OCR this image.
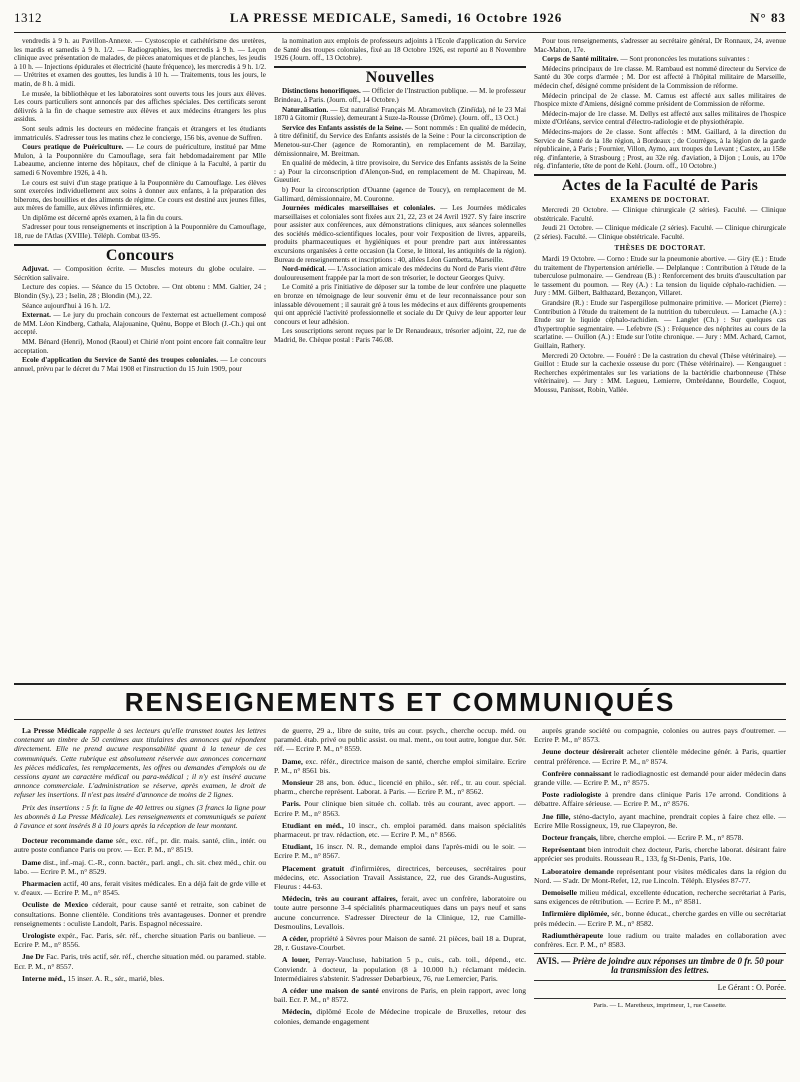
1312	LA PRESSE MEDICALE, Samedi, 16 Octobre 1926	N° 83

vendredis à 9 h. au Pavillon-Annexe. — Cystoscopie et cathétérisme des uretères, les mardis et samedis à 9 h. 1/2. — Radiographies, les mercredis à 9 h. — Leçon clinique avec présentation de malades, de pièces anatomiques et de planches, les jeudis à 10 h. — Injections épidurales et électricité (haute fréquence), les mercredis à 9 h. 1/2. — Urétrites et examen des gouttes, les lundis à 10 h. — Traitements, tous les jours, le matin, de 8 h. à midi.

Le musée, la bibliothèque et les laboratoires sont ouverts tous les jours aux élèves. Les cours particuliers sont annoncés par des affiches spéciales. Des certificats seront délivrés à la fin de chaque semestre aux élèves et aux médecins étrangers les plus assidus.

Sont seuls admis les docteurs en médecine français et étrangers et les étudiants immatriculés. S'adresser tous les matins chez le concierge, 156 bis, avenue de Suffren.

Cours pratique de Puériculture. — Le cours de puériculture, institué par Mme Mulon, à la Pouponnière du Camouflage, sera fait hebdomadairement par Mlle Labeaume, ancienne interne des hôpitaux, chef de clinique à la Faculté, à partir du samedi 6 Novembre 1926, à 4 h.

Le cours est suivi d'un stage pratique à la Pouponnière du Camouflage. Les élèves sont exercées individuellement aux soins à donner aux enfants, à la préparation des biberons, des bouillies et des aliments de régime. Ce cours est destiné aux jeunes filles, aux mères de famille, aux élèves infirmières, etc.

Un diplôme est décerné après examen, à la fin du cours.

S'adresser pour tous renseignements et inscription à la Pouponnière du Camouflage, 18, rue de l'Atlas (XVIIIe). Téléph. Combat 03-95.

Concours

Adjuvat. — Composition écrite. — Muscles moteurs du globe oculaire. — Sécrétion salivaire.

Lecture des copies. — Séance du 15 Octobre. — Ont obtenu : MM. Galtier, 24 ; Blondin (Sy.), 23 ; Iselin, 28 ; Blondin (M.), 22.

Séance aujourd'hui à 16 h. 1/2.

Externat. — Le jury du prochain concours de l'externat est actuellement composé de MM. Léon Kindberg, Cathala, Alajouanine, Quénu, Boppe et Bloch (J.-Ch.) qui ont accepté.

MM. Bénard (Henri), Monod (Raoul) et Chirié n'ont point encore fait connaître leur acceptation.

Ecole d'application du Service de Santé des troupes coloniales. — Le concours annuel, prévu par le décret du 7 Mai 1908 et l'instruction du 15 Juin 1909, pour

la nomination aux emplois de professeurs adjoints à l'Ecole d'application du Service de Santé des troupes coloniales, fixé au 18 Octobre 1926, est reporté au 8 Novembre 1926 (Journ. off., 13 Octobre).

Nouvelles

Distinctions honorifiques. — Officier de l'Instruction publique. — M. le professeur Brindeau, à Paris. (Journ. off., 14 Octobre.)

Naturalisation. — Est naturalisé Français M. Abramovitch (Zinéïda), né le 23 Mai 1870 à Gitomir (Russie), demeurant à Suze-la-Rousse (Drôme). (Journ. off., 13 Oct.)

Service des Enfants assistés de la Seine. — Sont nommés : En qualité de médecin, à titre définitif, du Service des Enfants assistés de la Seine : Pour la circonscription de Menetou-sur-Cher (agence de Romorantin), en remplacement de M. Barzilay, démissionnaire, M. Breitman.

En qualité de médecin, à titre provisoire, du Service des Enfants assistés de la Seine : a) Pour la circonscription d'Alençon-Sud, en remplacement de M. Chapireau, M. Gueutier.

b) Pour la circonscription d'Ouanne (agence de Toucy), en remplacement de M. Gallimard, démissionnaire, M. Couronne.

Journées médicales marseillaises et coloniales. — Les Journées médicales marseillaises et coloniales sont fixées aux 21, 22, 23 et 24 Avril 1927. S'y faire inscrire pour assister aux conférences, aux démonstrations cliniques, aux séances solennelles des sociétés médico-scientifiques locales, pour voir l'exposition de livres, appareils, produits pharmaceutiques et hygiéniques et pour prendre part aux intéressantes excursions organisées à cette occasion (la Corse, le littoral, les antiquités de la région). Bureau de renseignements et inscriptions : 40, allées Léon Gambetta, Marseille.

Nord-médical. — L'Association amicale des médecins du Nord de Paris vient d'être douloureusement frappée par la mort de son trésorier, le docteur Georges Quivy.

Le Comité a pris l'initiative de déposer sur la tombe de leur confrère une plaquette en bronze en témoignage de leur souvenir ému et de leur reconnaissance pour son inlassable dévouement ; il saurait gré à tous les médecins et aux différents groupements qui ont apprécié l'activité professionnelle et sociale du Dr Quivy de leur apporter leur concours et leur adhésion.

Les souscriptions seront reçues par le Dr Renaudeaux, trésorier adjoint, 22, rue de Madrid, 8e. Chèque postal : Paris 746.08.

Pour tous renseignements, s'adresser au secrétaire général, Dr Ronnaux, 24, avenue Mac-Mahon, 17e.

Corps de Santé militaire. — Sont prononcées les mutations suivantes :

Médecins principaux de 1re classe. M. Rambaud est nommé directeur du Service de Santé du 30e corps d'armée ; M. Dor est affecté à l'hôpital militaire de Marseille, médecin chef, désigné comme président de la Commission de réforme.

Médecin principal de 2e classe. M. Camus est affecté aux salles militaires de l'hospice mixte d'Amiens, désigné comme président de Commission de réforme.

Médecin-major de 1re classe. M. Dellys est affecté aux salles militaires de l'hospice mixte d'Orléans, service central d'électro-radiologie et de physiothérapie.

Médecins-majors de 2e classe. Sont affectés : MM. Gaillard, à la direction du Service de Santé de la 18e région, à Bordeaux ; de Courrèges, à la légion de la garde républicaine, à Paris ; Fournier, Villon, Aymo, aux troupes du Levant ; Castex, au 158e rég. d'infanterie, à Strasbourg ; Prost, au 32e rég. d'aviation, à Dijon ; Louis, au 170e rég. d'infanterie, tête de pont de Kehl. (Journ. off., 10 Octobre.)

Actes de la Faculté de Paris
EXAMENS DE DOCTORAT.

Mercredi 20 Octobre. — Clinique chirurgicale (2 séries). Faculté. — Clinique obstétricale. Faculté.

Jeudi 21 Octobre. — Clinique médicale (2 séries). Faculté. — Clinique chirurgicale (2 séries). Faculté. — Clinique obstétricale. Faculté.

THÈSES DE DOCTORAT.

Mardi 19 Octobre. — Corno : Etude sur la pneumonie abortive. — Giry (E.) : Etude du traitement de l'hypertension artérielle. — Delplanque : Contribution à l'étude de la tuberculose pulmonaire. — Gendreau (B.) : Renforcement des bruits d'auscultation par le tassement du poumon. — Rey (A.) : La tension du liquide céphalo-rachidien. — Jury : MM. Gilbert, Balthazard, Bezançon, Villaret.

Grandsire (R.) : Etude sur l'aspergillose pulmonaire primitive. — Moricet (Pierre) : Contribution à l'étude du traitement de la nutrition du tuberculeux. — Lamache (A.) : Etude sur le liquide céphalo-rachidien. — Langlet (Ch.) : Sur quelques cas d'hypertrophie segmentaire. — Lefebvre (S.) : Fréquence des néphrites au cours de la scarlatine. — Ouillon (A.) : Etude sur l'otite chronique. — Jury : MM. Achard, Carnot, Guillain, Rathery.

Mercredi 20 Octobre. — Fouéré : De la castration du cheval (Thèse vétérinaire). — Guillot : Etude sur la cachexie osseuse du porc (Thèse vétérinaire). — Kengauguet : Recherches expérimentales sur les variations de la bactéridie charbonneuse (Thèse vétérinaire). — Jury : MM. Legueu, Lemierre, Ombrédanne, Bourdelle, Coquot, Moussu, Panisset, Robin, Vallée.

RENSEIGNEMENTS ET COMMUNIQUÉS

La Presse Médicale rappelle à ses lecteurs qu'elle transmet toutes les lettres contenant un timbre de 50 centimes aux titulaires des annonces qui répondent directement. Elle ne prend aucune responsabilité quant à la teneur de ces communiqués. Cette rubrique est absolument réservée aux annonces concernant les pièces médicales, les remplacements, les offres ou demandes d'emplois ou de cessions ayant un caractère médical ou para-médical ; il n'y est inséré aucune annonce commerciale. L'administration se réserve, après examen, le droit de refuser les insertions. Il n'est pas inséré d'annonce de moins de 2 lignes.

Prix des insertions : 5 fr. la ligne de 40 lettres ou signes (3 francs la ligne pour les abonnés à La Presse Médicale). Les renseignements et communiqués se paient à l'avance et sont insérés 8 à 10 jours après la réception de leur montant.

Docteur recommande dame sér., exc. réf., pr. dir. mais. santé, clin., intér. ou autre poste confiance Paris ou prov. — Ecr. P. M., n° 8519.

Dame dist., inf.-maj. C.-R., conn. bactér., parl. angl., ch. sit. chez méd., chir. ou labo. — Ecrire P. M., n° 8529.

Pharmacien actif, 40 ans, ferait visites médicales. En a déjà fait de grde ville et v. d'eaux. — Ecrire P. M., n° 8545.

Oculiste de Mexico céderait, pour cause santé et retraite, son cabinet de consultations. Bonne clientèle. Conditions très avantageuses. Donner et prendre renseignements : oculiste Landolt, Paris. Espagnol nécessaire.

Urologiste expér., Fac. Paris, sér. réf., cherche situation Paris ou banlieue. — Ecrire P. M., n° 8556.

Jne Dr Fac. Paris, très actif, sér. réf., cherche situation méd. ou paramed. stable. Ecr. P. M., n° 8557.

Interne méd., 15 inser. A. R., sér., marié, bles.

de guerre, 29 a., libre de suite, très au cour. psych., cherche occup. méd. ou paraméd. étab. privé ou public assist. ou mal. ment., ou tout autre, longue dur. Sér. réf. — Ecrire P. M., n° 8559.

Dame, exc. référ., directrice maison de santé, cherche emploi similaire. Ecrire P. M., n° 8561 bis.

Monsieur 28 ans, bon. éduc., licencié en philo., sér. réf., tr. au cour. spécial. pharm., cherche représent. Laborat. à Paris. — Ecrire P. M., n° 8562.

Paris. Pour clinique bien située ch. collab. très au courant, avec apport. — Ecrire P. M., n° 8563.

Etudiant en méd., 10 inscr., ch. emploi paraméd. dans maison spécialités pharmaceut. pr trav. rédaction, etc. — Ecrire P. M., n° 8566.

Etudiant, 16 inscr. N. R., demande emploi dans l'après-midi ou le soir. — Ecrire P. M., n° 8567.

Placement gratuit d'infirmières, directrices, berceuses, secrétaires pour médecins, etc. Association Travail Assistance, 22, rue des Grands-Augustins, Fleurus : 44-63.

Médecin, très au courant affaires, ferait, avec un confrère, laboratoire ou toute autre personne 3-4 spécialités pharmaceutiques dans un pays neuf et sans aucune concurrence. S'adresser Directeur de la Clinique, 12, rue Camille-Desmoulins, Levallois.

A céder, propriété à Sèvres pour Maison de santé. 21 pièces, bail 18 a. Duprat, 28, r. Gustave-Courbet.

A louer, Perray-Vaucluse, habitation 5 p., cuis., cab. toil., dépend., etc. Conviendr. à docteur, la population (8 à 10.000 h.) réclamant médecin. Intermédiaires s'abstenir. S'adresser Debarbieux, 76, rue Lemercier, Paris.

A céder une maison de santé environs de Paris, en plein rapport, avec long bail. Ecr. P. M., n° 8572.

Médecin, diplômé Ecole de Médecine tropicale de Bruxelles, retour des colonies, demande engagement

auprès grande société ou compagnie, colonies ou autres pays d'outremer. — Ecrire P. M., n° 8573.

Jeune docteur désirerait acheter clientèle médecine génér. à Paris, quartier central préférence. — Ecrire P. M., n° 8574.

Confrère connaissant le radiodiagnostic est demandé pour aider médecin dans grande ville. — Ecrire P. M., n° 8575.

Poste radiologiste à prendre dans clinique Paris 17e arrond. Conditions à débattre. Affaire sérieuse. — Ecrire P. M., n° 8576.

Jne fille, sténo-dactylo, ayant machine, prendrait copies à faire chez elle. — Ecrire Mlle Rossigneux, 19, rue Clapeyron, 8e.

Docteur français, libre, cherche emploi. — Ecrire P. M., n° 8578.

Représentant bien introduit chez docteur, Paris, cherche laborat. désirant faire apprécier ses produits. Rousseau R., 133, fg St-Denis, Paris, 10e.

Laboratoire demande représentant pour visites médicales dans la région du Nord. — S'adr. Dr Mont-Refet, 12, rue Lincoln. Téléph. Elysées 87-77.

Demoiselle milieu médical, excellente éducation, recherche secrétariat à Paris, sans exigences de rétribution. — Ecrire P. M., n° 8581.

Infirmière diplômée, sér., bonne éducat., cherche gardes en ville ou secrétariat près médecin. — Ecrire P. M., n° 8582.

Radiumthérapeute loue radium ou traite malades en collaboration avec confrères. Ecr. P. M., n° 8583.

AVIS. — Prière de joindre aux réponses un timbre de 0 fr. 50 pour la transmission des lettres.
Le Gérant : O. Porée.
Paris. — L. Maretheux, imprimeur, 1, rue Cassette.
